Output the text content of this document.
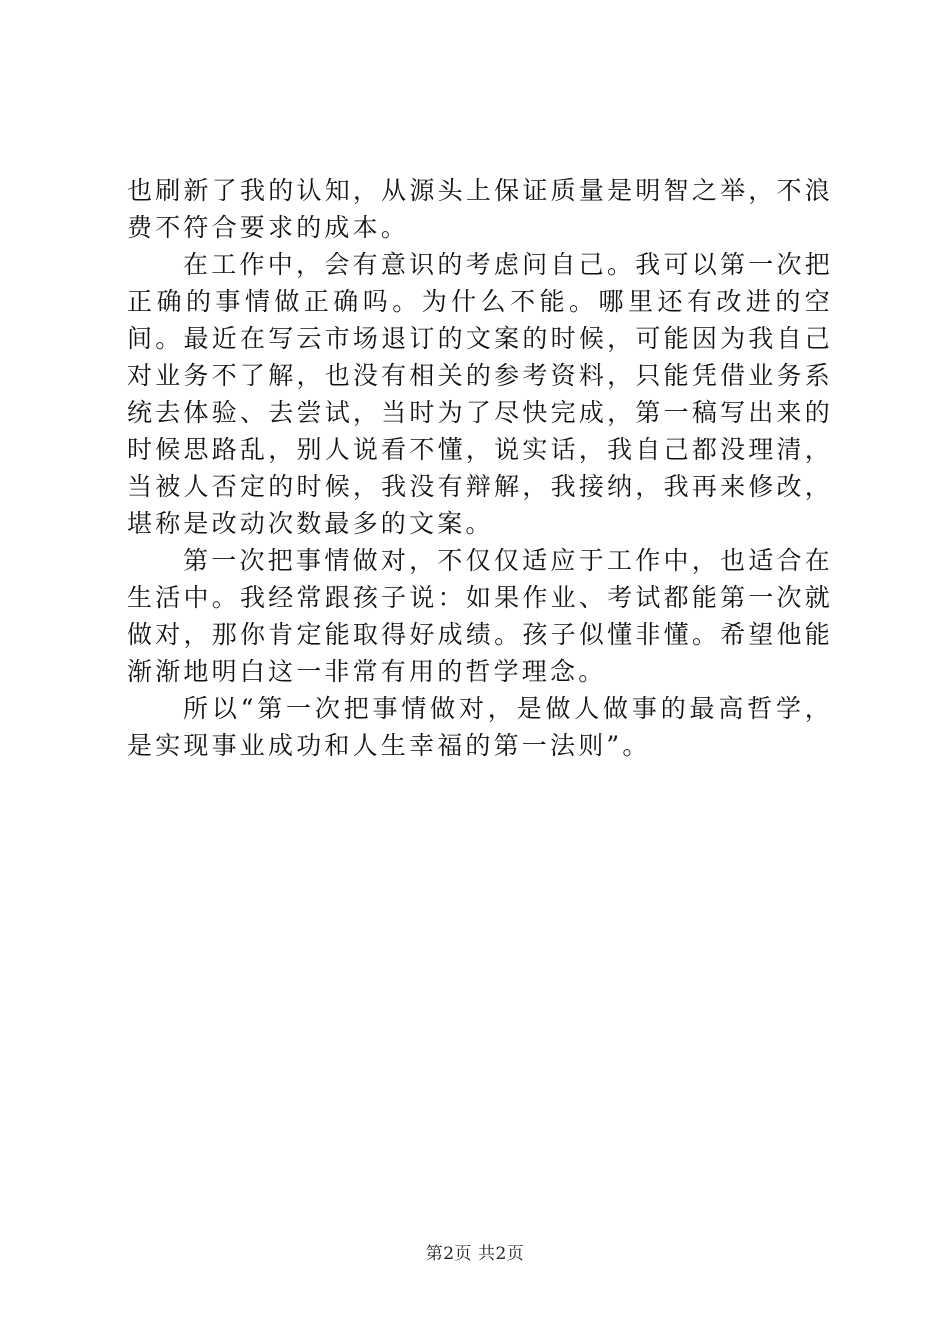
也刷新了我的认知，从源头上保证质量是明智之举，不浪费不符合要求的成本。

在工作中，会有意识的考虑问自己。我可以第一次把正确的事情做正确吗。为什么不能。哪里还有改进的空间。最近在写云市场退订的文案的时候，可能因为我自己对业务不了解，也没有相关的参考资料，只能凭借业务系统去体验、去尝试，当时为了尽快完成，第一稿写出来的时候思路乱，别人说看不懂，说实话，我自己都没理清，当被人否定的时候，我没有辩解，我接纳，我再来修改，堪称是改动次数最多的文案。

第一次把事情做对，不仅仅适应于工作中，也适合在生活中。我经常跟孩子说：如果作业、考试都能第一次就做对，那你肯定能取得好成绩。孩子似懂非懂。希望他能渐渐地明白这一非常有用的哲学理念。

所以“第一次把事情做对，是做人做事的最高哲学，是实现事业成功和人生幸福的第一法则”。

第2页 共2页
